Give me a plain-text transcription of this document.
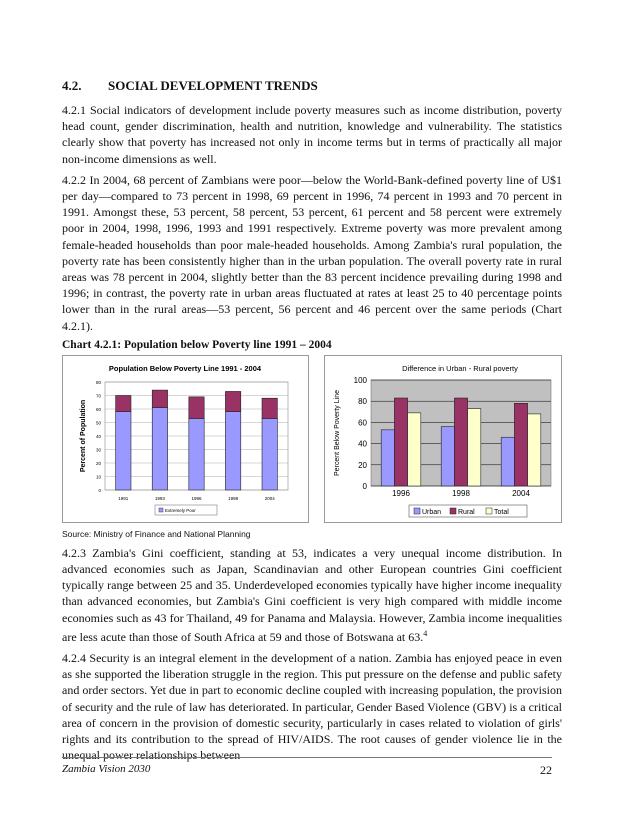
4.2. SOCIAL DEVELOPMENT TRENDS

4.2.1 Social indicators of development include poverty measures such as income distribution, poverty head count, gender discrimination, health and nutrition, knowledge and vulnerability. The statistics clearly show that poverty has increased not only in income terms but in terms of practically all major non-income dimensions as well.

4.2.2 In 2004, 68 percent of Zambians were poor—below the World-Bank-defined poverty line of U$1 per day—compared to 73 percent in 1998, 69 percent in 1996, 74 percent in 1993 and 70 percent in 1991. Amongst these, 53 percent, 58 percent, 53 percent, 61 percent and 58 percent were extremely poor in 2004, 1998, 1996, 1993 and 1991 respectively. Extreme poverty was more prevalent among female-headed households than poor male-headed households. Among Zambia's rural population, the poverty rate has been consistently higher than in the urban population. The overall poverty rate in rural areas was 78 percent in 2004, slightly better than the 83 percent incidence prevailing during 1998 and 1996; in contrast, the poverty rate in urban areas fluctuated at rates at least 25 to 40 percentage points lower than in the rural areas—53 percent, 56 percent and 46 percent over the same periods (Chart 4.2.1).

Chart 4.2.1: Population below Poverty line 1991 – 2004
Population Below Poverty Line 1991 - 2004
0
10
20
30
40
50
60
70
80
Percent of Population
1991	1993	1996	1998	2004
Extremely Poor
Difference in Urban - Rural poverty
0
20
40
60
80
100
Percent Below Poverty Line
1996	1998	2004
Urban Rural	Total
Source: Ministry of Finance and National Planning

4.2.3 Zambia's Gini coefficient, standing at 53, indicates a very unequal income distribution. In advanced economies such as Japan, Scandinavian and other European countries Gini coefficient typically range between 25 and 35. Underdeveloped economies typically have higher income inequality than advanced economies, but Zambia's Gini coefficient is very high compared with middle income economies such as 43 for Thailand, 49 for Panama and Malaysia. However, Zambia income inequalities are less acute than those of South Africa at 59 and those of Botswana at 63.$^4$

4.2.4 Security is an integral element in the development of a nation. Zambia has enjoyed peace in even as she supported the liberation struggle in the region. This put pressure on the defense and public safety and order sectors. Yet due in part to economic decline coupled with increasing population, the provision of security and the rule of law has deteriorated. In particular, Gender Based Violence (GBV) is a critical area of concern in the provision of domestic security, particularly in cases related to violation of girls' rights and its contribution to the spread of HIV/AIDS. The root causes of gender violence lie in the unequal power relationships between

Zambia Vision 2030	22
